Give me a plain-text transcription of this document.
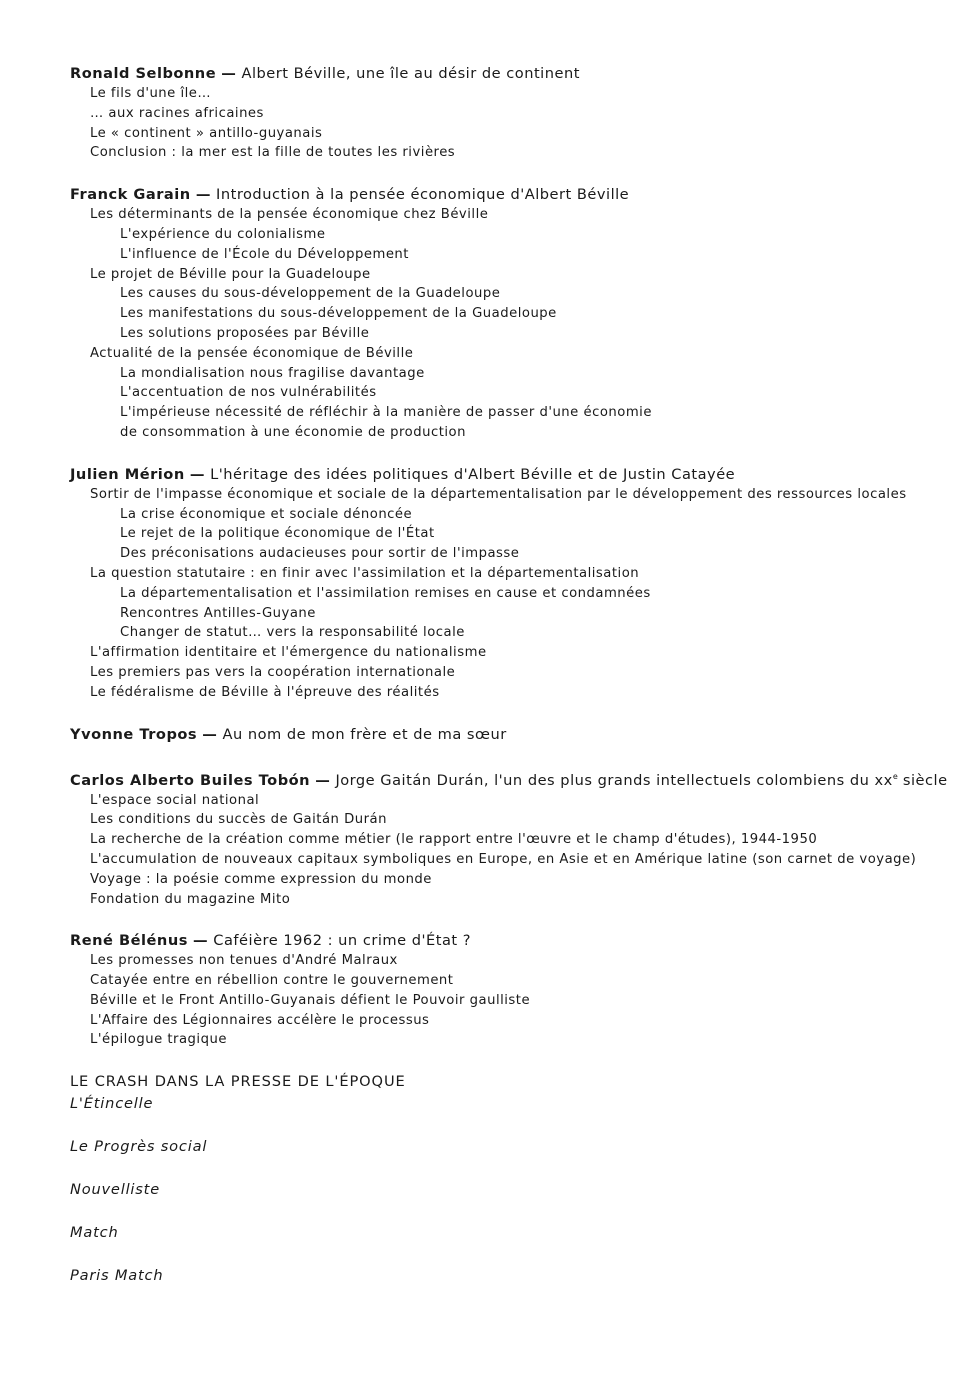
Ronald Selbonne — Albert Béville, une île au désir de continent
Le fils d'une île…
… aux racines africaines
Le « continent » antillo-guyanais
Conclusion : la mer est la fille de toutes les rivières
Franck Garain — Introduction à la pensée économique d'Albert Béville
Les déterminants de la pensée économique chez Béville
L'expérience du colonialisme
L'influence de l'École du Développement
Le projet de Béville pour la Guadeloupe
Les causes du sous-développement de la Guadeloupe
Les manifestations du sous-développement de la Guadeloupe
Les solutions proposées par Béville
Actualité de la pensée économique de Béville
La mondialisation nous fragilise davantage
L'accentuation de nos vulnérabilités
L'impérieuse nécessité de réfléchir à la manière de passer d'une économie
de consommation à une économie de production
Julien Mérion — L'héritage des idées politiques d'Albert Béville et de Justin Catayée
Sortir de l'impasse économique et sociale de la départementalisation par le développement des ressources locales
La crise économique et sociale dénoncée
Le rejet de la politique économique de l'État
Des préconisations audacieuses pour sortir de l'impasse
La question statutaire : en finir avec l'assimilation et la départementalisation
La départementalisation et l'assimilation remises en cause et condamnées
Rencontres Antilles-Guyane
Changer de statut… vers la responsabilité locale
L'affirmation identitaire et l'émergence du nationalisme
Les premiers pas vers la coopération internationale
Le fédéralisme de Béville à l'épreuve des réalités
Yvonne Tropos — Au nom de mon frère et de ma sœur
Carlos Alberto Builes Tobón — Jorge Gaitán Durán, l'un des plus grands intellectuels colombiens du $xx^e$ siècle
L'espace social national
Les conditions du succès de Gaitán Durán
La recherche de la création comme métier (le rapport entre l'œuvre et le champ d'études), 1944-1950
L'accumulation de nouveaux capitaux symboliques en Europe, en Asie et en Amérique latine (son carnet de voyage)
Voyage : la poésie comme expression du monde
Fondation du magazine Mito
René Bélénus — Caféière 1962 : un crime d'État ?
Les promesses non tenues d'André Malraux
Catayée entre en rébellion contre le gouvernement
Béville et le Front Antillo-Guyanais défient le Pouvoir gaulliste
L'Affaire des Légionnaires accélère le processus
L'épilogue tragique
LE CRASH DANS LA PRESSE DE L'ÉPOQUE
L'Étincelle
Le Progrès social
Nouvelliste
Match
Paris Match
